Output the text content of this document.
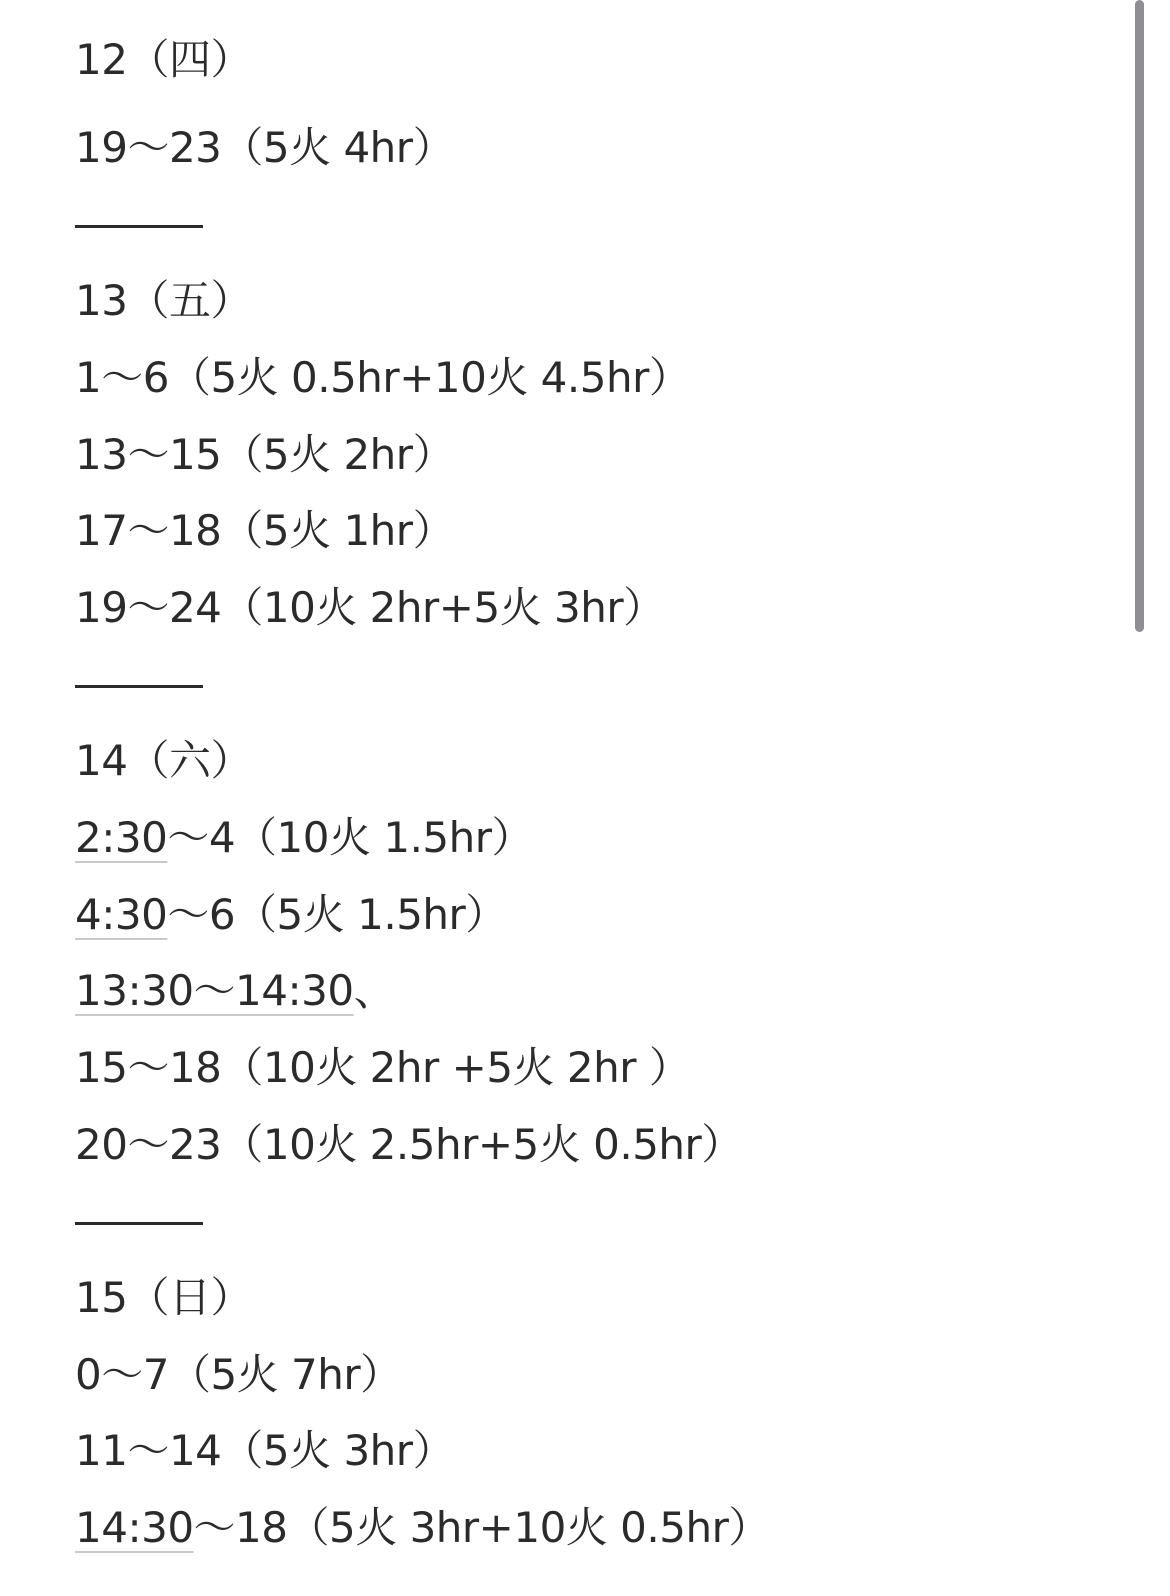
12（四）
19～23（5火 4hr）
13（五）
1～6（5火 0.5hr+10火 4.5hr）
13～15（5火 2hr）
17～18（5火 1hr）
19～24（10火 2hr+5火 3hr）
14（六）
2:30～4（10火 1.5hr）
4:30～6（5火 1.5hr）
13:30～14:30、
15～18（10火 2hr +5火 2hr ）
20～23（10火 2.5hr+5火 0.5hr）
15（日）
0～7（5火 7hr）
11～14（5火 3hr）
14:30～18（5火 3hr+10火 0.5hr）
